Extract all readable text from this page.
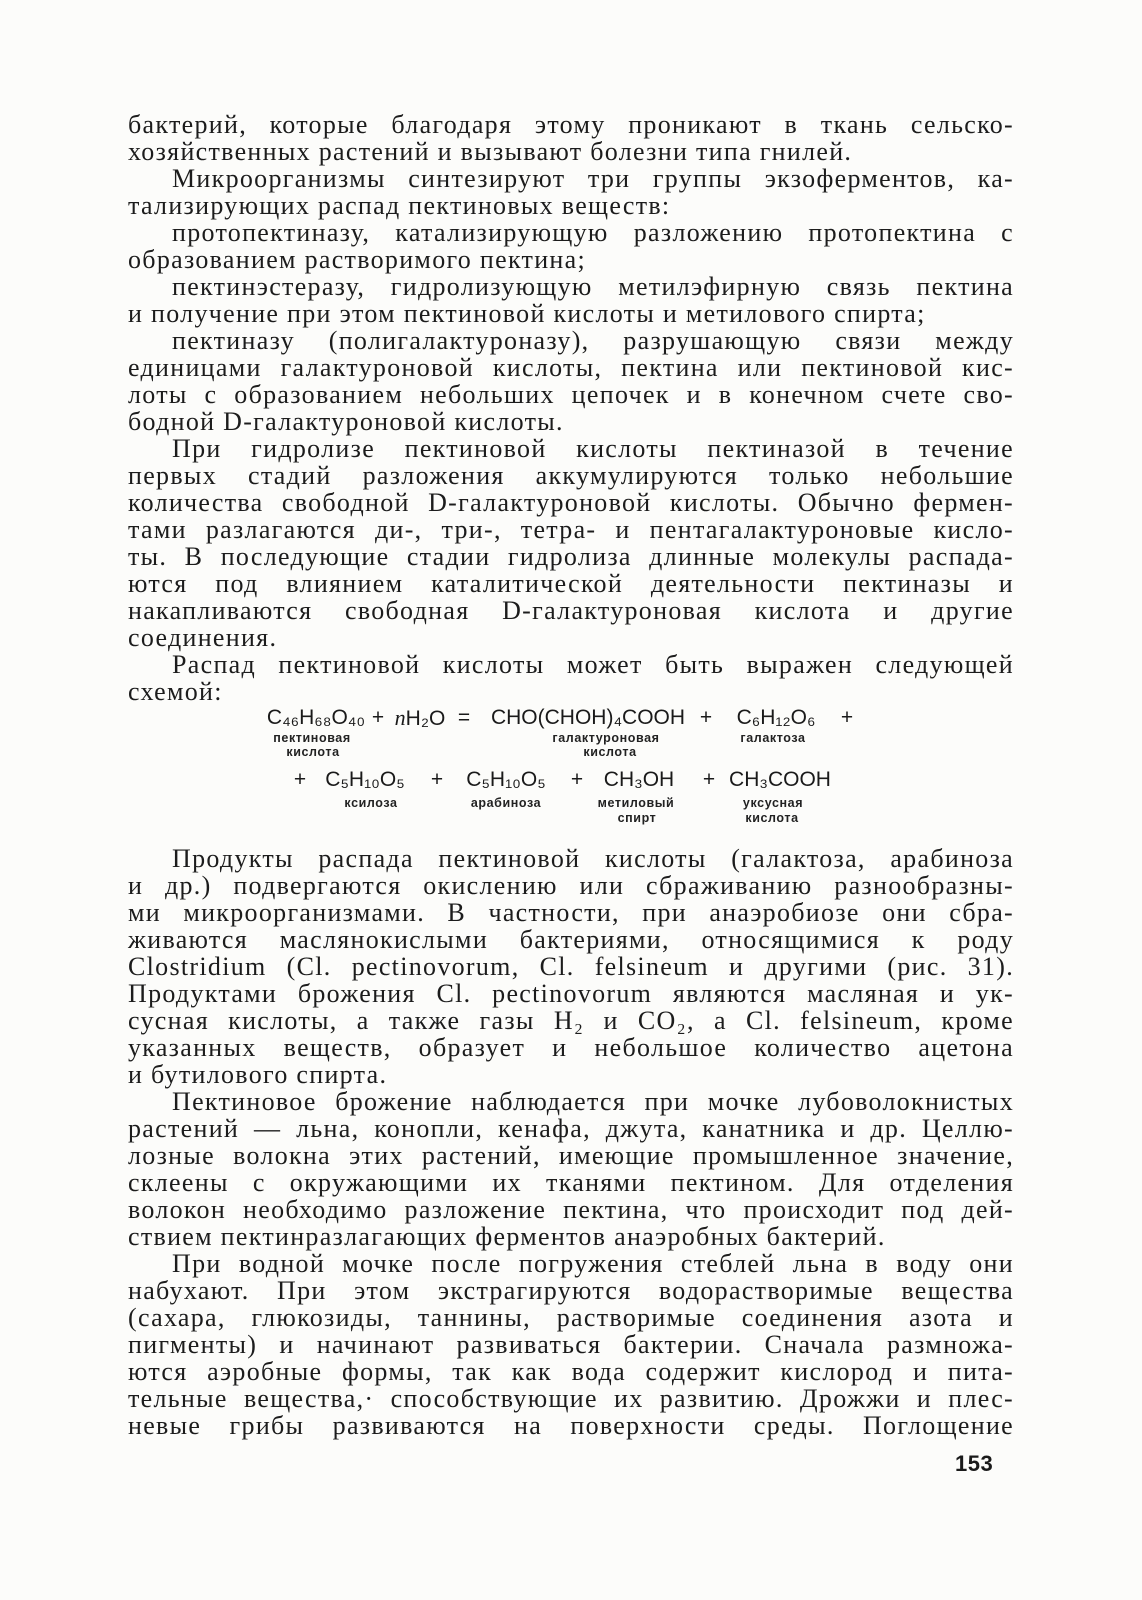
бактерий, которые благодаря этому проникают в ткань сельско-
хозяйственных растений и вызывают болезни типа гнилей.
Микроорганизмы синтезируют три группы экзоферментов, ка-
тализирующих распад пектиновых веществ:
протопектиназу, катализирующую разложению протопектина с
образованием растворимого пектина;
пектинэстеразу, гидролизующую метилэфирную связь пектина
и получение при этом пектиновой кислоты и метилового спирта;
пектиназу (полигалактуроназу), разрушающую связи между
единицами галактуроновой кислоты, пектина или пектиновой кис-
лоты с образованием небольших цепочек и в конечном счете сво-
бодной D-галактуроновой кислоты.
При гидролизе пектиновой кислоты пектиназой в течение
первых стадий разложения аккумулируются только небольшие
количества свободной D-галактуроновой кислоты. Обычно фермен-
тами разлагаются ди-, три-, тетра- и пентагалактуроновые кисло-
ты. В последующие стадии гидролиза длинные молекулы распада-
ются под влиянием каталитической деятельности пектиназы и
накапливаются свободная D-галактуроновая кислота и другие
соединения.
Распад пектиновой кислоты может быть выражен следующей
схемой:
C₄₆H₆₈O₄₀
пектиновая
кислота
+ nH₂O = CHO(CHOH)₄COOH
галактуроновая
кислота
+ C₆H₁₂O₆
галактоза
+
+ C₅H₁₀O₅
ксилоза
+ C₅H₁₀O₅
арабиноза
+ CH₃OH
метиловый
спирт
+ CH₃COOH
уксусная
кислота
Продукты распада пектиновой кислоты (галактоза, арабиноза
и др.) подвергаются окислению или сбраживанию разнообразны-
ми микроорганизмами. В частности, при анаэробиозе они сбра-
живаются маслянокислыми бактериями, относящимися к роду
Clostridium (Cl. pectinovorum, Cl. felsineum и другими (рис. 31).
Продуктами брожения Cl. pectinovorum являются масляная и ук-
сусная кислоты, а также газы H₂ и CO₂, а Cl. felsineum, кроме
указанных веществ, образует и небольшое количество ацетона
и бутилового спирта.
Пектиновое брожение наблюдается при мочке лубоволокнистых
растений — льна, конопли, кенафа, джута, канатника и др. Целлю-
лозные волокна этих растений, имеющие промышленное значение,
склеены с окружающими их тканями пектином. Для отделения
волокон необходимо разложение пектина, что происходит под дей-
ствием пектинразлагающих ферментов анаэробных бактерий.
При водной мочке после погружения стеблей льна в воду они
набухают. При этом экстрагируются водорастворимые вещества
(сахара, глюкозиды, таннины, растворимые соединения азота и
пигменты) и начинают развиваться бактерии. Сначала размножа-
ются аэробные формы, так как вода содержит кислород и пита-
тельные вещества,· способствующие их развитию. Дрожжи и плес-
невые грибы развиваются на поверхности среды. Поглощение
153
